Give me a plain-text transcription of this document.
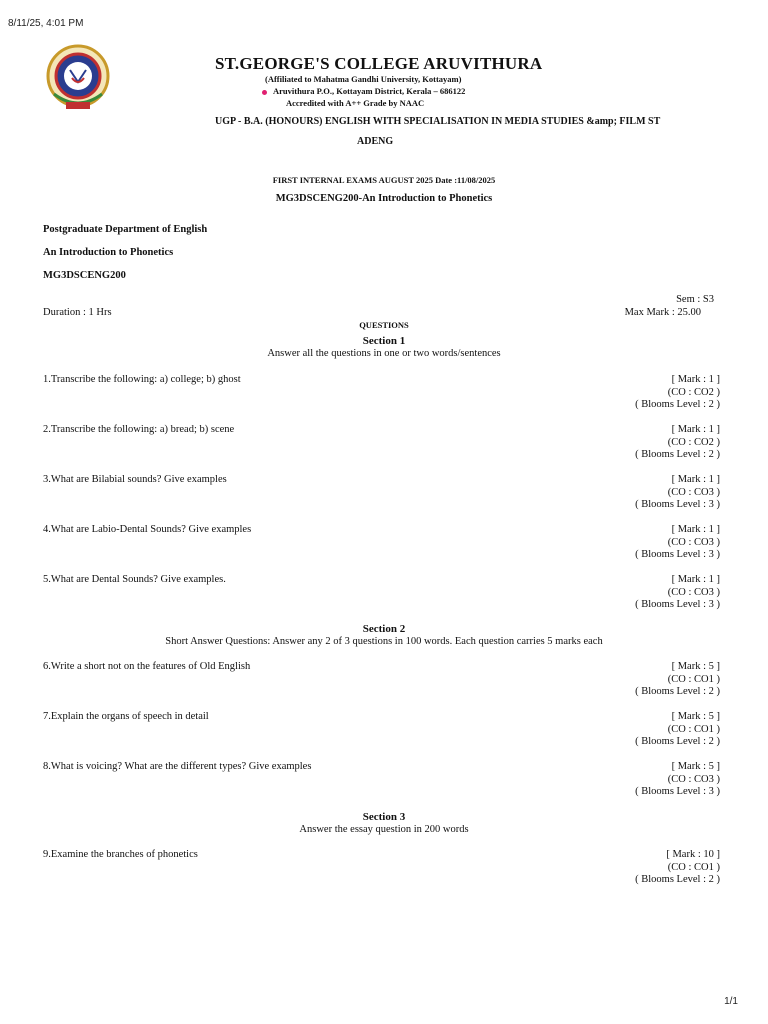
8/11/25, 4:01 PM
ST.GEORGE'S COLLEGE ARUVITHURA
(Affiliated to Mahatma Gandhi University, Kottayam)
Aruvithura P.O., Kottayam District, Kerala – 686122
Accredited with A++ Grade by NAAC
UGP - B.A. (HONOURS) ENGLISH WITH SPECIALISATION IN MEDIA STUDIES &amp; FILM ST
ADENG
FIRST INTERNAL EXAMS AUGUST 2025 Date :11/08/2025
MG3DSCENG200-An Introduction to Phonetics
Postgraduate Department of English
An Introduction to Phonetics
MG3DSCENG200
Sem : S3
Duration : 1 Hrs	Max Mark : 25.00
QUESTIONS
Section 1
Answer all the questions in one or two words/sentences
1.Transcribe the following: a) college; b) ghost	[ Mark : 1 ]
(CO : CO2 )
( Blooms Level : 2 )
2.Transcribe the following: a) bread; b) scene	[ Mark : 1 ]
(CO : CO2 )
( Blooms Level : 2 )
3.What are Bilabial sounds? Give examples	[ Mark : 1 ]
(CO : CO3 )
( Blooms Level : 3 )
4.What are Labio-Dental Sounds? Give examples	[ Mark : 1 ]
(CO : CO3 )
( Blooms Level : 3 )
5.What are Dental Sounds? Give examples.	[ Mark : 1 ]
(CO : CO3 )
( Blooms Level : 3 )
Section 2
Short Answer Questions: Answer any 2 of 3 questions in 100 words. Each question carries 5 marks each
6.Write a short not on the features of Old English	[ Mark : 5 ]
(CO : CO1 )
( Blooms Level : 2 )
7.Explain the organs of speech in detail	[ Mark : 5 ]
(CO : CO1 )
( Blooms Level : 2 )
8.What is voicing? What are the different types? Give examples	[ Mark : 5 ]
(CO : CO3 )
( Blooms Level : 3 )
Section 3
Answer the essay question in 200 words
9.Examine the branches of phonetics	[ Mark : 10 ]
(CO : CO1 )
( Blooms Level : 2 )
1/1
